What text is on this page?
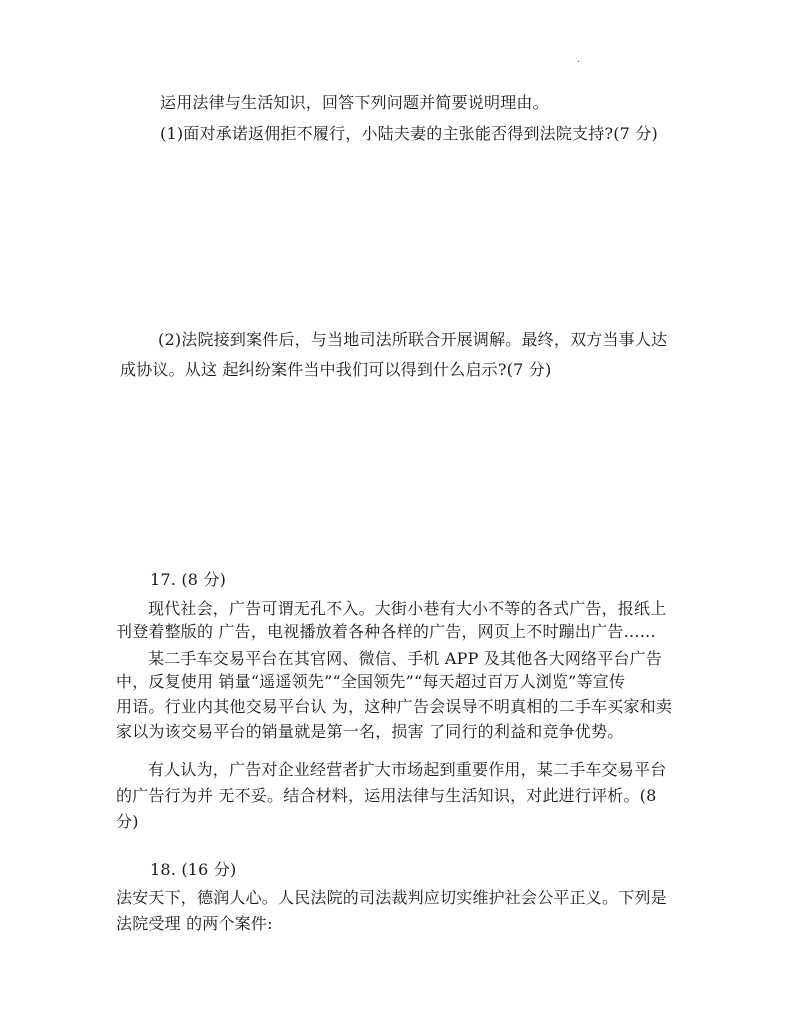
.
运用法律与生活知识，回答下列问题并简要说明理由。
(1)面对承诺返佣拒不履行，小陆夫妻的主张能否得到法院支持?(7 分)
(2)法院接到案件后，与当地司法所联合开展调解。最终，双方当事人达
成协议。从这 起纠纷案件当中我们可以得到什么启示?(7 分)
17. (8 分)
现代社会，广告可谓无孔不入。大街小巷有大小不等的各式广告，报纸上
刊登着整版的 广告，电视播放着各种各样的广告，网页上不时蹦出广告……
某二手车交易平台在其官网、微信、手机 APP 及其他各大网络平台广告
中，反复使用 销量“遥遥领先”“全国领先”“每天超过百万人浏览”等宣传
用语。行业内其他交易平台认 为，这种广告会误导不明真相的二手车买家和卖
家以为该交易平台的销量就是第一名，损害 了同行的利益和竞争优势。
有人认为，广告对企业经营者扩大市场起到重要作用，某二手车交易平台
的广告行为并 无不妥。结合材料，运用法律与生活知识，对此进行评析。(8
分)
18. (16 分)
法安天下，德润人心。人民法院的司法裁判应切实维护社会公平正义。下列是
法院受理 的两个案件:
